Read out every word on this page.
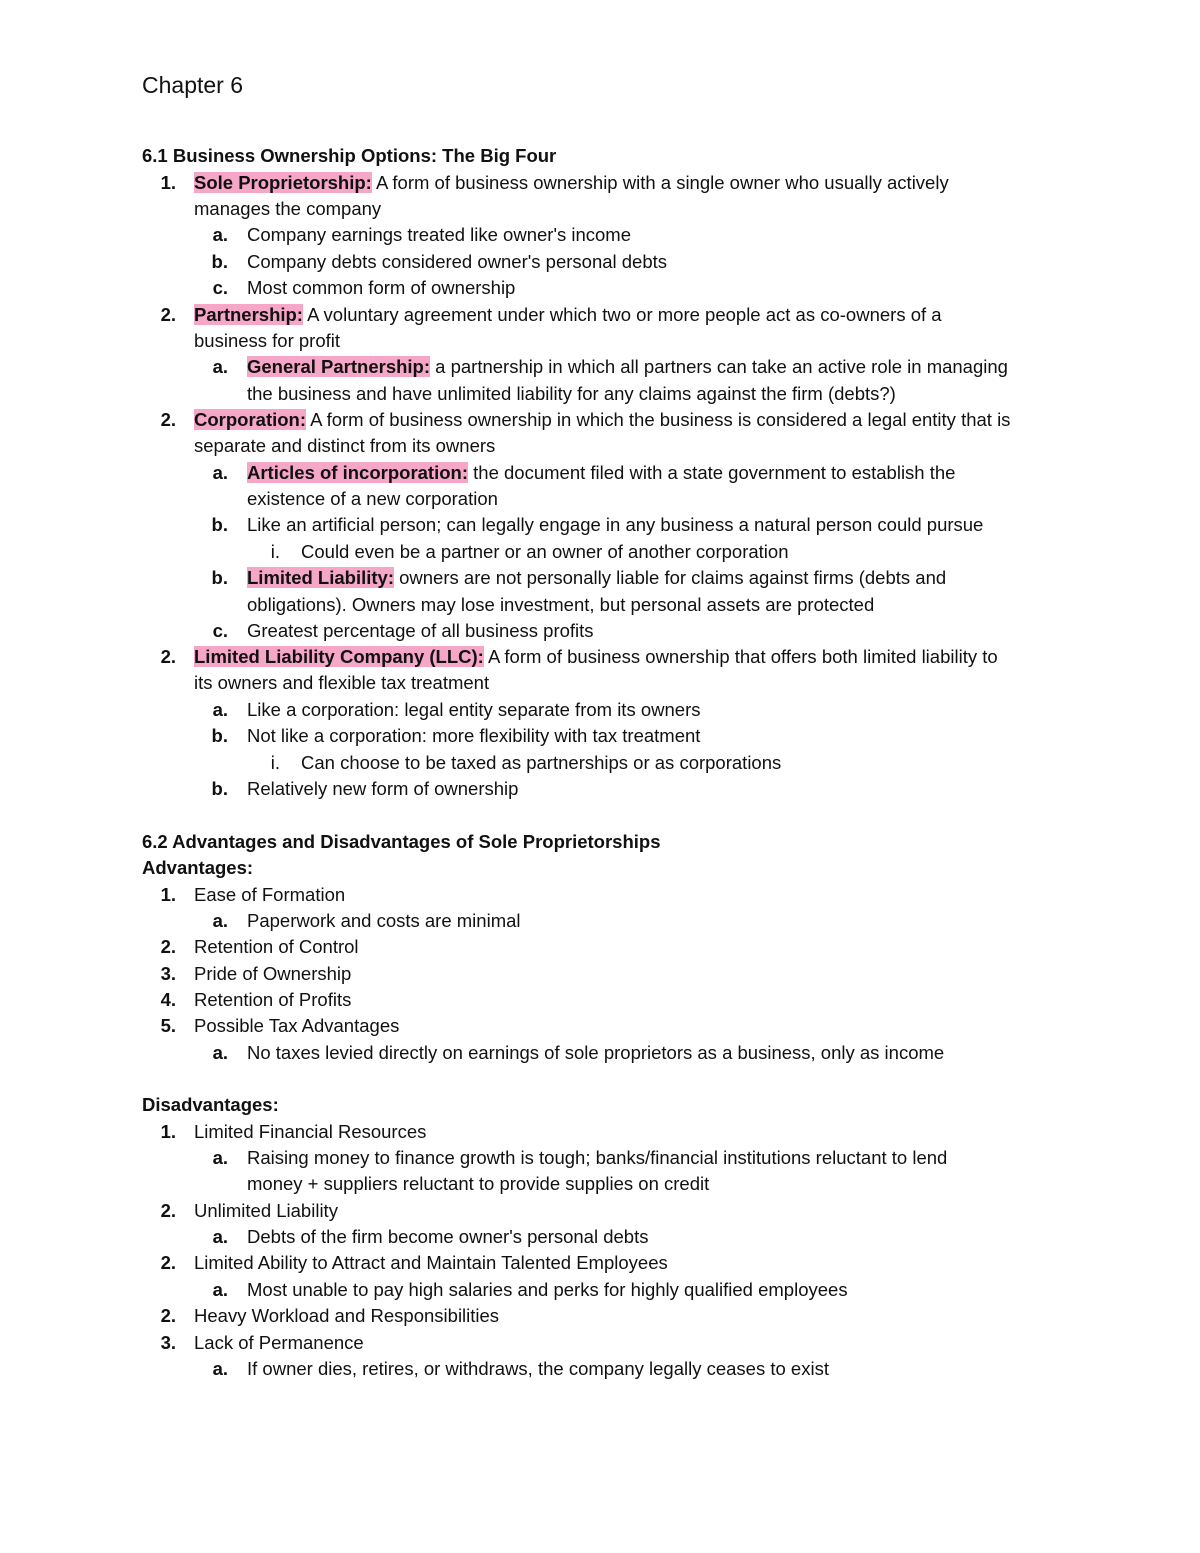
Chapter 6
6.1 Business Ownership Options: The Big Four
1. Sole Proprietorship: A form of business ownership with a single owner who usually actively
manages the company
a. Company earnings treated like owner's income
b. Company debts considered owner's personal debts
c. Most common form of ownership
2. Partnership: A voluntary agreement under which two or more people act as co-owners of a
business for profit
a. General Partnership: a partnership in which all partners can take an active role in managing
the business and have unlimited liability for any claims against the firm (debts?)
2. Corporation: A form of business ownership in which the business is considered a legal entity that is
separate and distinct from its owners
a. Articles of incorporation: the document filed with a state government to establish the
existence of a new corporation
b. Like an artificial person; can legally engage in any business a natural person could pursue
i. Could even be a partner or an owner of another corporation
b. Limited Liability: owners are not personally liable for claims against firms (debts and
obligations). Owners may lose investment, but personal assets are protected
c. Greatest percentage of all business profits
2. Limited Liability Company (LLC): A form of business ownership that offers both limited liability to
its owners and flexible tax treatment
a. Like a corporation: legal entity separate from its owners
b. Not like a corporation: more flexibility with tax treatment
i. Can choose to be taxed as partnerships or as corporations
b. Relatively new form of ownership
6.2 Advantages and Disadvantages of Sole Proprietorships
Advantages:
1. Ease of Formation
a. Paperwork and costs are minimal
2. Retention of Control
3. Pride of Ownership
4. Retention of Profits
5. Possible Tax Advantages
a. No taxes levied directly on earnings of sole proprietors as a business, only as income
Disadvantages:
1. Limited Financial Resources
a. Raising money to finance growth is tough; banks/financial institutions reluctant to lend
money + suppliers reluctant to provide supplies on credit
2. Unlimited Liability
a. Debts of the firm become owner's personal debts
2. Limited Ability to Attract and Maintain Talented Employees
a. Most unable to pay high salaries and perks for highly qualified employees
2. Heavy Workload and Responsibilities
3. Lack of Permanence
a. If owner dies, retires, or withdraws, the company legally ceases to exist
